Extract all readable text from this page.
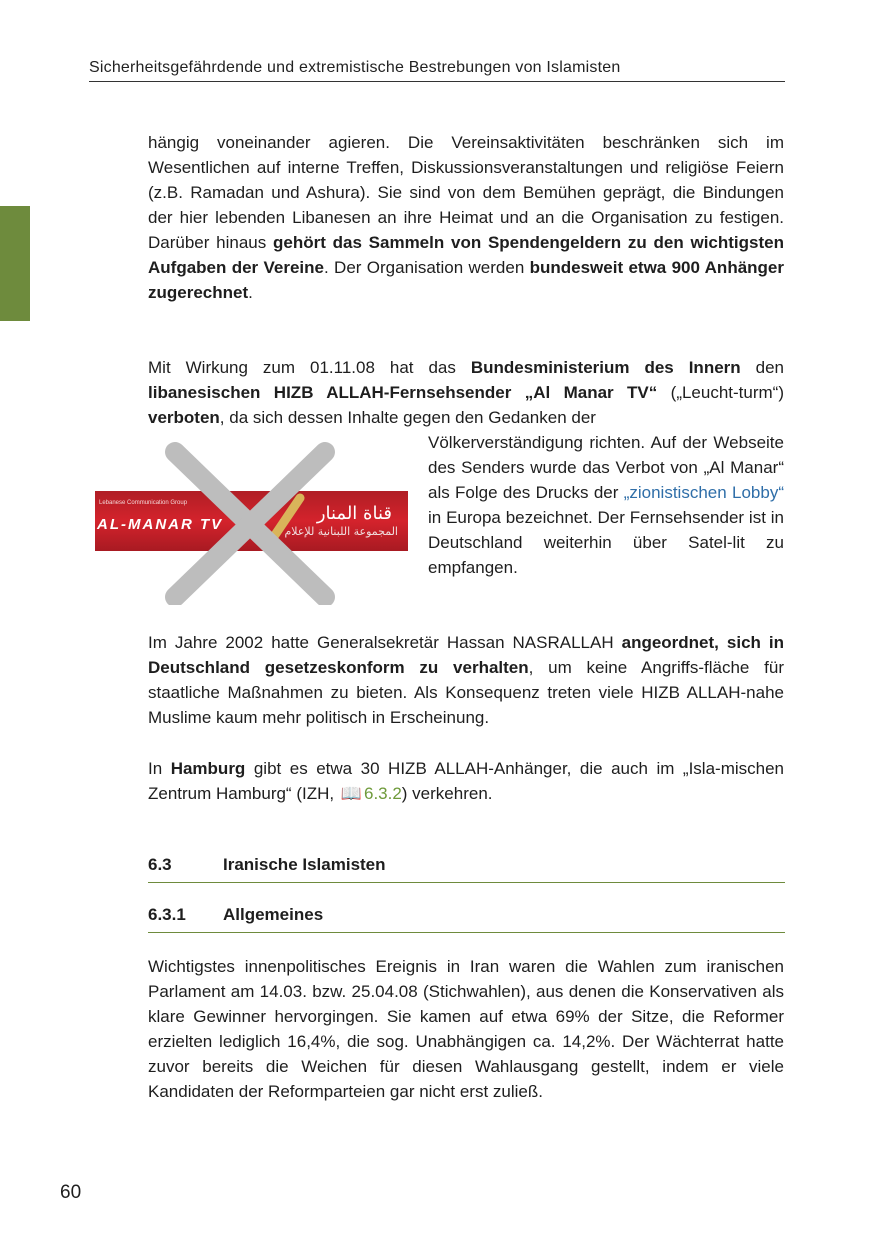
Sicherheitsgefährdende und extremistische Bestrebungen von Islamisten
hängig voneinander agieren. Die Vereinsaktivitäten beschränken sich im Wesentlichen auf interne Treffen, Diskussionsveranstaltungen und religiöse Feiern (z.B. Ramadan und Ashura). Sie sind von dem Bemühen geprägt, die Bindungen der hier lebenden Libanesen an ihre Heimat und an die Organisation zu festigen. Darüber hinaus gehört das Sammeln von Spendengeldern zu den wichtigsten Aufgaben der Vereine. Der Organisation werden bundesweit etwa 900 Anhänger zugerechnet.
Mit Wirkung zum 01.11.08 hat das Bundesministerium des Innern den libanesischen HIZB ALLAH-Fernsehsender „Al Manar TV“ („Leucht-turm“) verboten, da sich dessen Inhalte gegen den Gedanken der
Völkerverständigung richten. Auf der Webseite des Senders wurde das Verbot von „Al Manar“ als Folge des Drucks der „zionistischen Lobby“ in Europa bezeichnet. Der Fernsehsender ist in Deutschland weiterhin über Satel-lit zu empfangen.
Lebanese Communication Group
AL-MANAR TV	المجموعة اللبنانية للإعلام
قناة المنار
Im Jahre 2002 hatte Generalsekretär Hassan NASRALLAH angeordnet, sich in Deutschland gesetzeskonform zu verhalten, um keine Angriffs-fläche für staatliche Maßnahmen zu bieten. Als Konsequenz treten viele HIZB ALLAH-nahe Muslime kaum mehr politisch in Erscheinung.
In Hamburg gibt es etwa 30 HIZB ALLAH-Anhänger, die auch im „Isla-mischen Zentrum Hamburg“ (IZH, 📖 6.3.2) verkehren.
6.3	Iranische Islamisten
6.3.1 Allgemeines
Wichtigstes innenpolitisches Ereignis in Iran waren die Wahlen zum iranischen Parlament am 14.03. bzw. 25.04.08 (Stichwahlen), aus denen die Konservativen als klare Gewinner hervorgingen. Sie kamen auf etwa 69% der Sitze, die Reformer erzielten lediglich 16,4%, die sog. Unabhängigen ca. 14,2%. Der Wächterrat hatte zuvor bereits die Weichen für diesen Wahlausgang gestellt, indem er viele Kandidaten der Reformparteien gar nicht erst zuließ.
60
